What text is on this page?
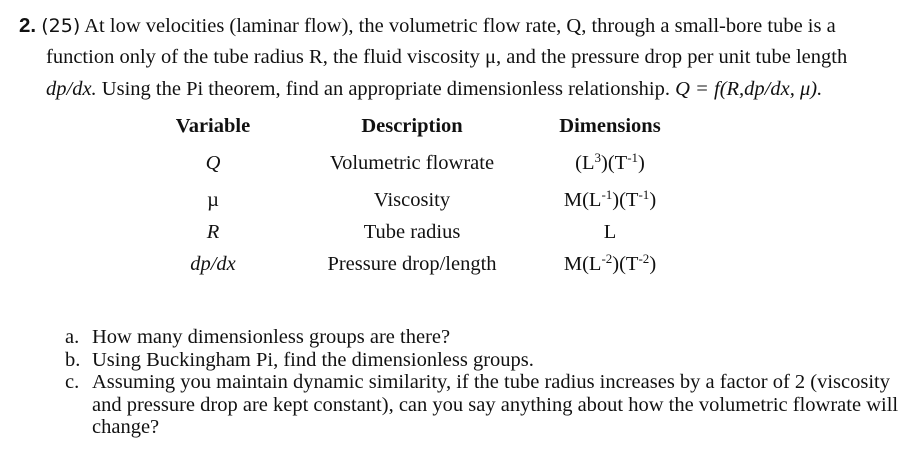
2. (25) At low velocities (laminar flow), the volumetric flow rate, Q, through a small-bore tube is a
function only of the tube radius R, the fluid viscosity μ, and the pressure drop per unit tube length
dp/dx. Using the Pi theorem, find an appropriate dimensionless relationship. Q = f(R,dp/dx, μ).
Variable	Description	Dimensions
Q	Volumetric flowrate	$(L^3)(T^{-1})$
µ	Viscosity	$M(L^{-1})(T^{-1})$
R	Tube radius	L
dp/dx	Pressure drop/length	$M(L^{-2})(T^{-2})$
a. How many dimensionless groups are there?
b. Using Buckingham Pi, find the dimensionless groups.
c. Assuming you maintain dynamic similarity, if the tube radius increases by a factor of 2 (viscosity and pressure drop are kept constant), can you say anything about how the volumetric flowrate will change?
